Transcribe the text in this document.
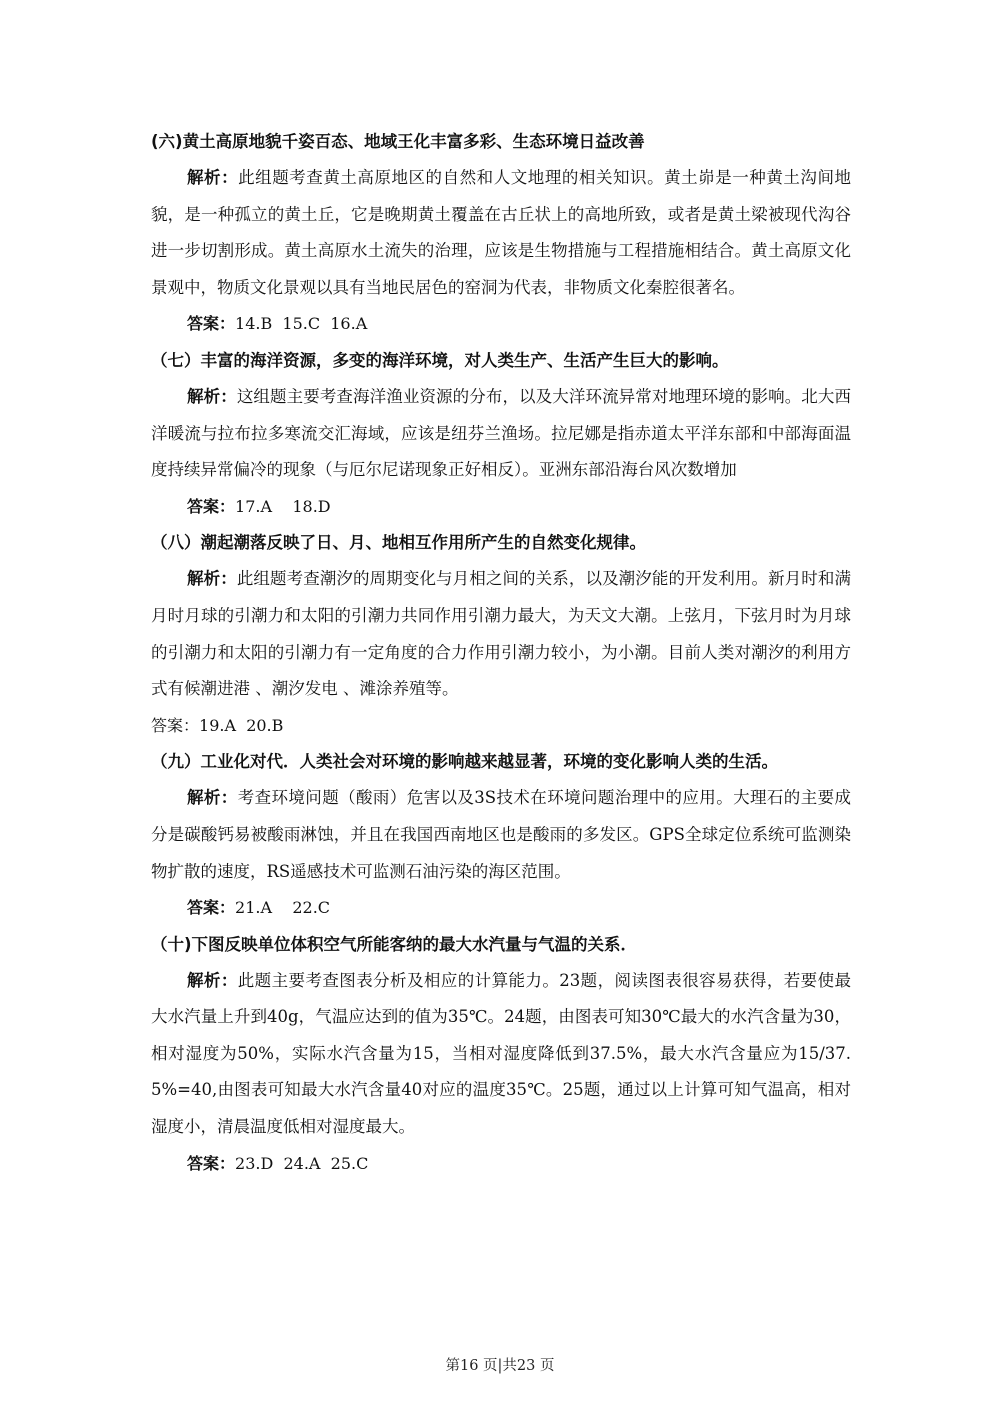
(六)黄土高原地貌千姿百态、地域王化丰富多彩、生态环境日益改善

解析：此组题考查黄土高原地区的自然和人文地理的相关知识。黄土峁是一种黄土沟间地貌，是一种孤立的黄土丘，它是晚期黄土覆盖在古丘状上的高地所致，或者是黄土梁被现代沟谷进一步切割形成。黄土高原水土流失的治理，应该是生物措施与工程措施相结合。黄土高原文化景观中，物质文化景观以具有当地民居色的窑洞为代表，非物质文化秦腔很著名。

答案：14.B  15.C  16.A

（七）丰富的海洋资源，多变的海洋环境，对人类生产、生活产生巨大的影响。

解析：这组题主要考查海洋渔业资源的分布，以及大洋环流异常对地理环境的影响。北大西洋暖流与拉布拉多寒流交汇海域，应该是纽芬兰渔场。拉尼娜是指赤道太平洋东部和中部海面温度持续异常偏冷的现象（与厄尔尼诺现象正好相反）。亚洲东部沿海台风次数增加

答案：17.A    18.D

（八）潮起潮落反映了日、月、地相互作用所产生的自然变化规律。

解析：此组题考查潮汐的周期变化与月相之间的关系，以及潮汐能的开发利用。新月时和满月时月球的引潮力和太阳的引潮力共同作用引潮力最大，为天文大潮。上弦月，下弦月时为月球的引潮力和太阳的引潮力有一定角度的合力作用引潮力较小，为小潮。目前人类对潮汐的利用方式有候潮进港 、潮汐发电 、滩涂养殖等。

答案：19.A  20.B

（九）工业化对代．人类社会对环境的影响越来越显著，环境的变化影响人类的生活。

解析：考查环境问题（酸雨）危害以及3S技术在环境问题治理中的应用。大理石的主要成分是碳酸钙易被酸雨淋蚀，并且在我国西南地区也是酸雨的多发区。GPS全球定位系统可监测染物扩散的速度，RS遥感技术可监测石油污染的海区范围。

答案：21.A    22.C

（十)下图反映单位体积空气所能客纳的最大水汽量与气温的关系．

解析：此题主要考查图表分析及相应的计算能力。23题，阅读图表很容易获得，若要使最大水汽量上升到40g，气温应达到的值为35℃。24题，由图表可知30℃最大的水汽含量为30，相对湿度为50%，实际水汽含量为15，当相对湿度降低到37.5%，最大水汽含量应为15/37.5%=40,由图表可知最大水汽含量40对应的温度35℃。25题，通过以上计算可知气温高，相对湿度小，清晨温度低相对湿度最大。

答案：23.D  24.A  25.C

第16 页|共23 页
